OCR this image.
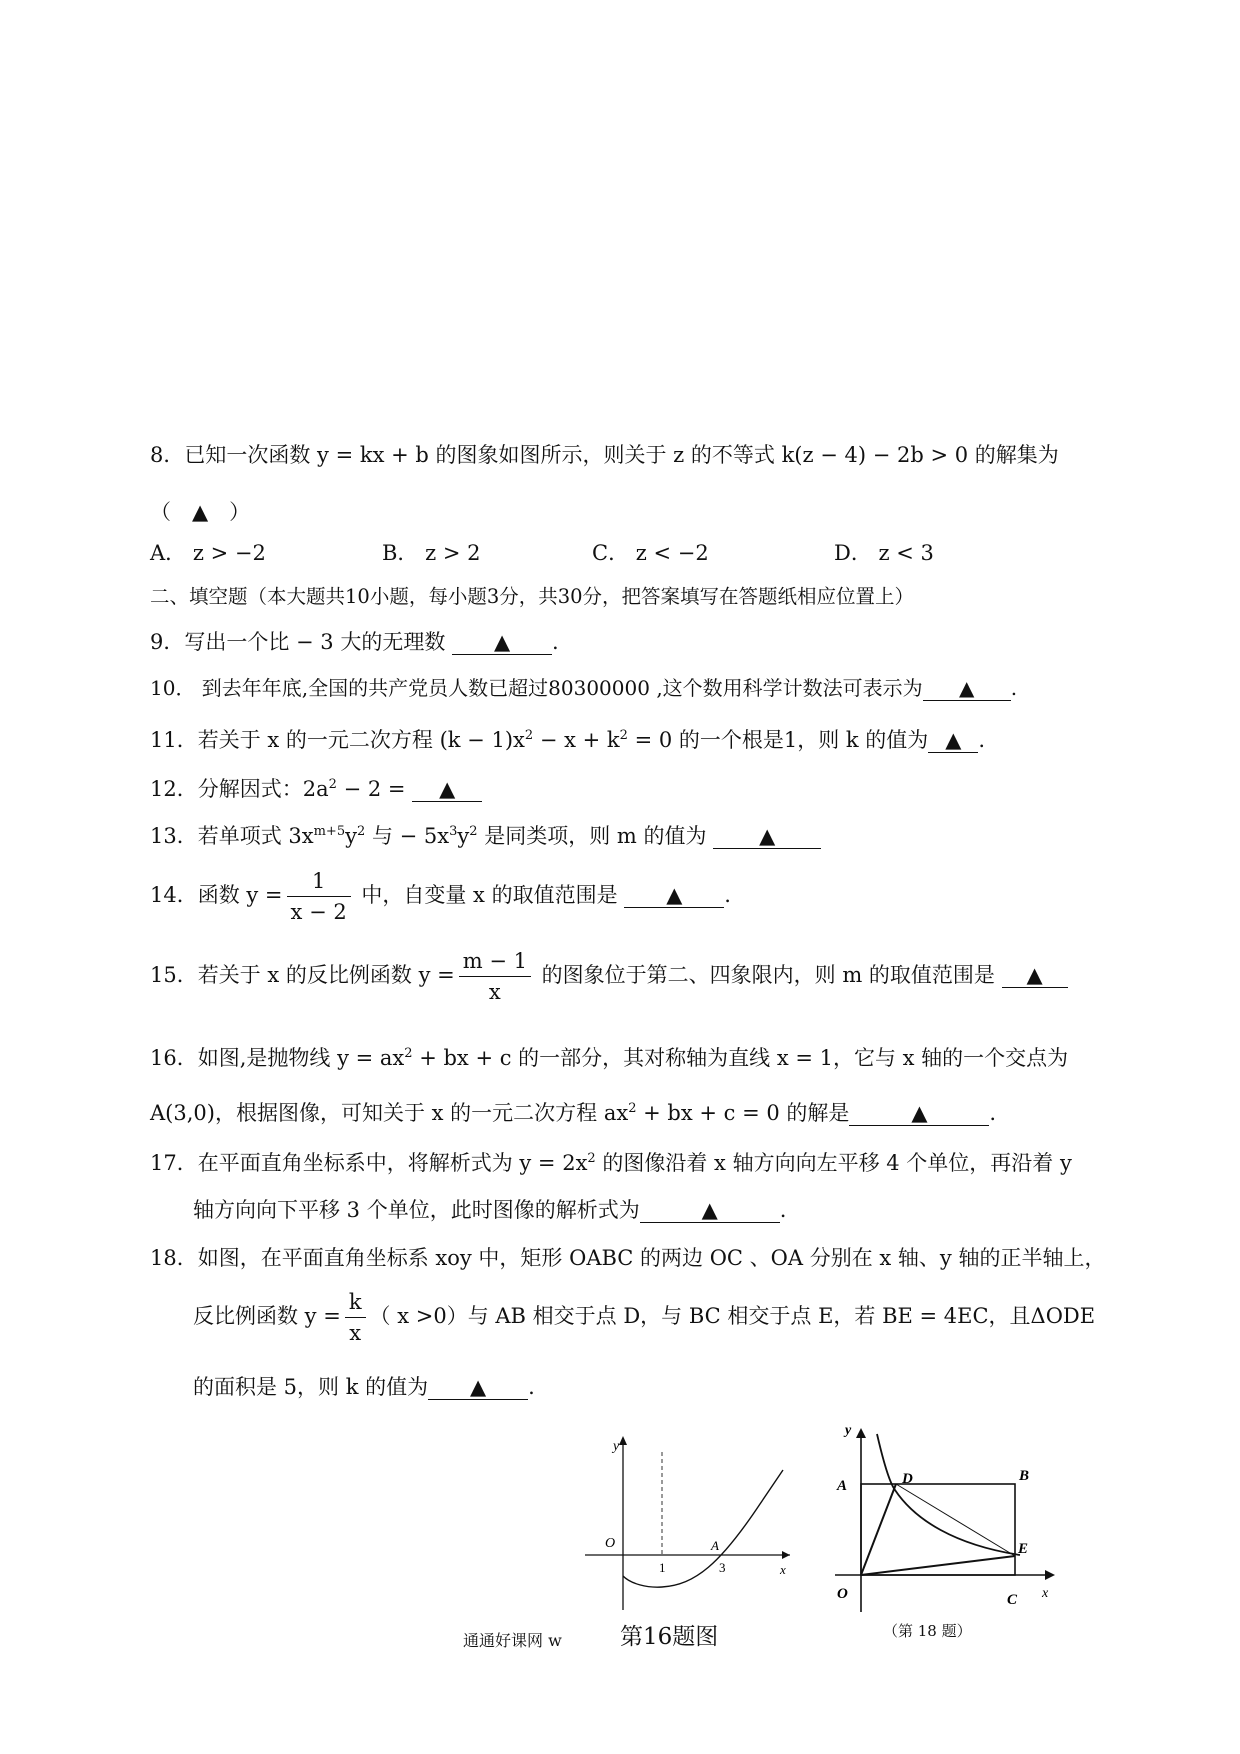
8．已知一次函数 y = kx + b 的图象如图所示，则关于 z 的不等式 k(z − 4) − 2b > 0 的解集为
（　▲　）
A． z > −2	B． z > 2	C． z < −2	D． z < 3
二、填空题（本大题共10小题，每小题3分，共30分，把答案填写在答题纸相应位置上）
9．写出一个比 − 3 大的无理数 ▲ .
10． 到去年年底,全国的共产党员人数已超过80300000 ,这个数用科学计数法可表示为 ▲ .
11．若关于 x 的一元二次方程 $(k - 1)x^2 - x + k^2 = 0$ 的一个根是1，则 k 的值为 ▲ .
12．分解因式：$2a^2 - 2$ = ▲
13．若单项式 $3x^{m+5}y^2$ 与 − $5x^3y^2$ 是同类项，则 m 的值为	▲
14．函数 $y = \frac{1}{x - 2}$ 中，自变量 x 的取值范围是 ▲ .
15．若关于 x 的反比例函数 $y = \frac{m - 1}{x}$ 的图象位于第二、四象限内，则 m 的取值范围是 ▲
16．如图,是抛物线 $y = ax^2$ + bx + c 的一部分，其对称轴为直线 x = 1，它与 x 轴的一个交点为
A(3,0)，根据图像，可知关于 x 的一元二次方程 $ax^2$ + bx + c = 0 的解是	▲	.
17．在平面直角坐标系中，将解析式为 $y = 2x^2$ 的图像沿着 x 轴方向向左平移 4 个单位，再沿着 y
轴方向向下平移 3 个单位，此时图像的解析式为	▲	.
18．如图，在平面直角坐标系 xoy 中，矩形 OABC 的两边 OC 、OA 分别在 x 轴、y 轴的正半轴上，
反比例函数 $y = \frac{k}{x}$ （ x >0）与 AB 相交于点 D，与 BC 相交于点 E，若 BE = 4EC，且ΔODE
的面积是 5，则 k 的值为 ▲ .
y
O
1
A
3	x
y
A	D	B
E
O	C x
通通好课网 w	第16题图	（第 18 题）
